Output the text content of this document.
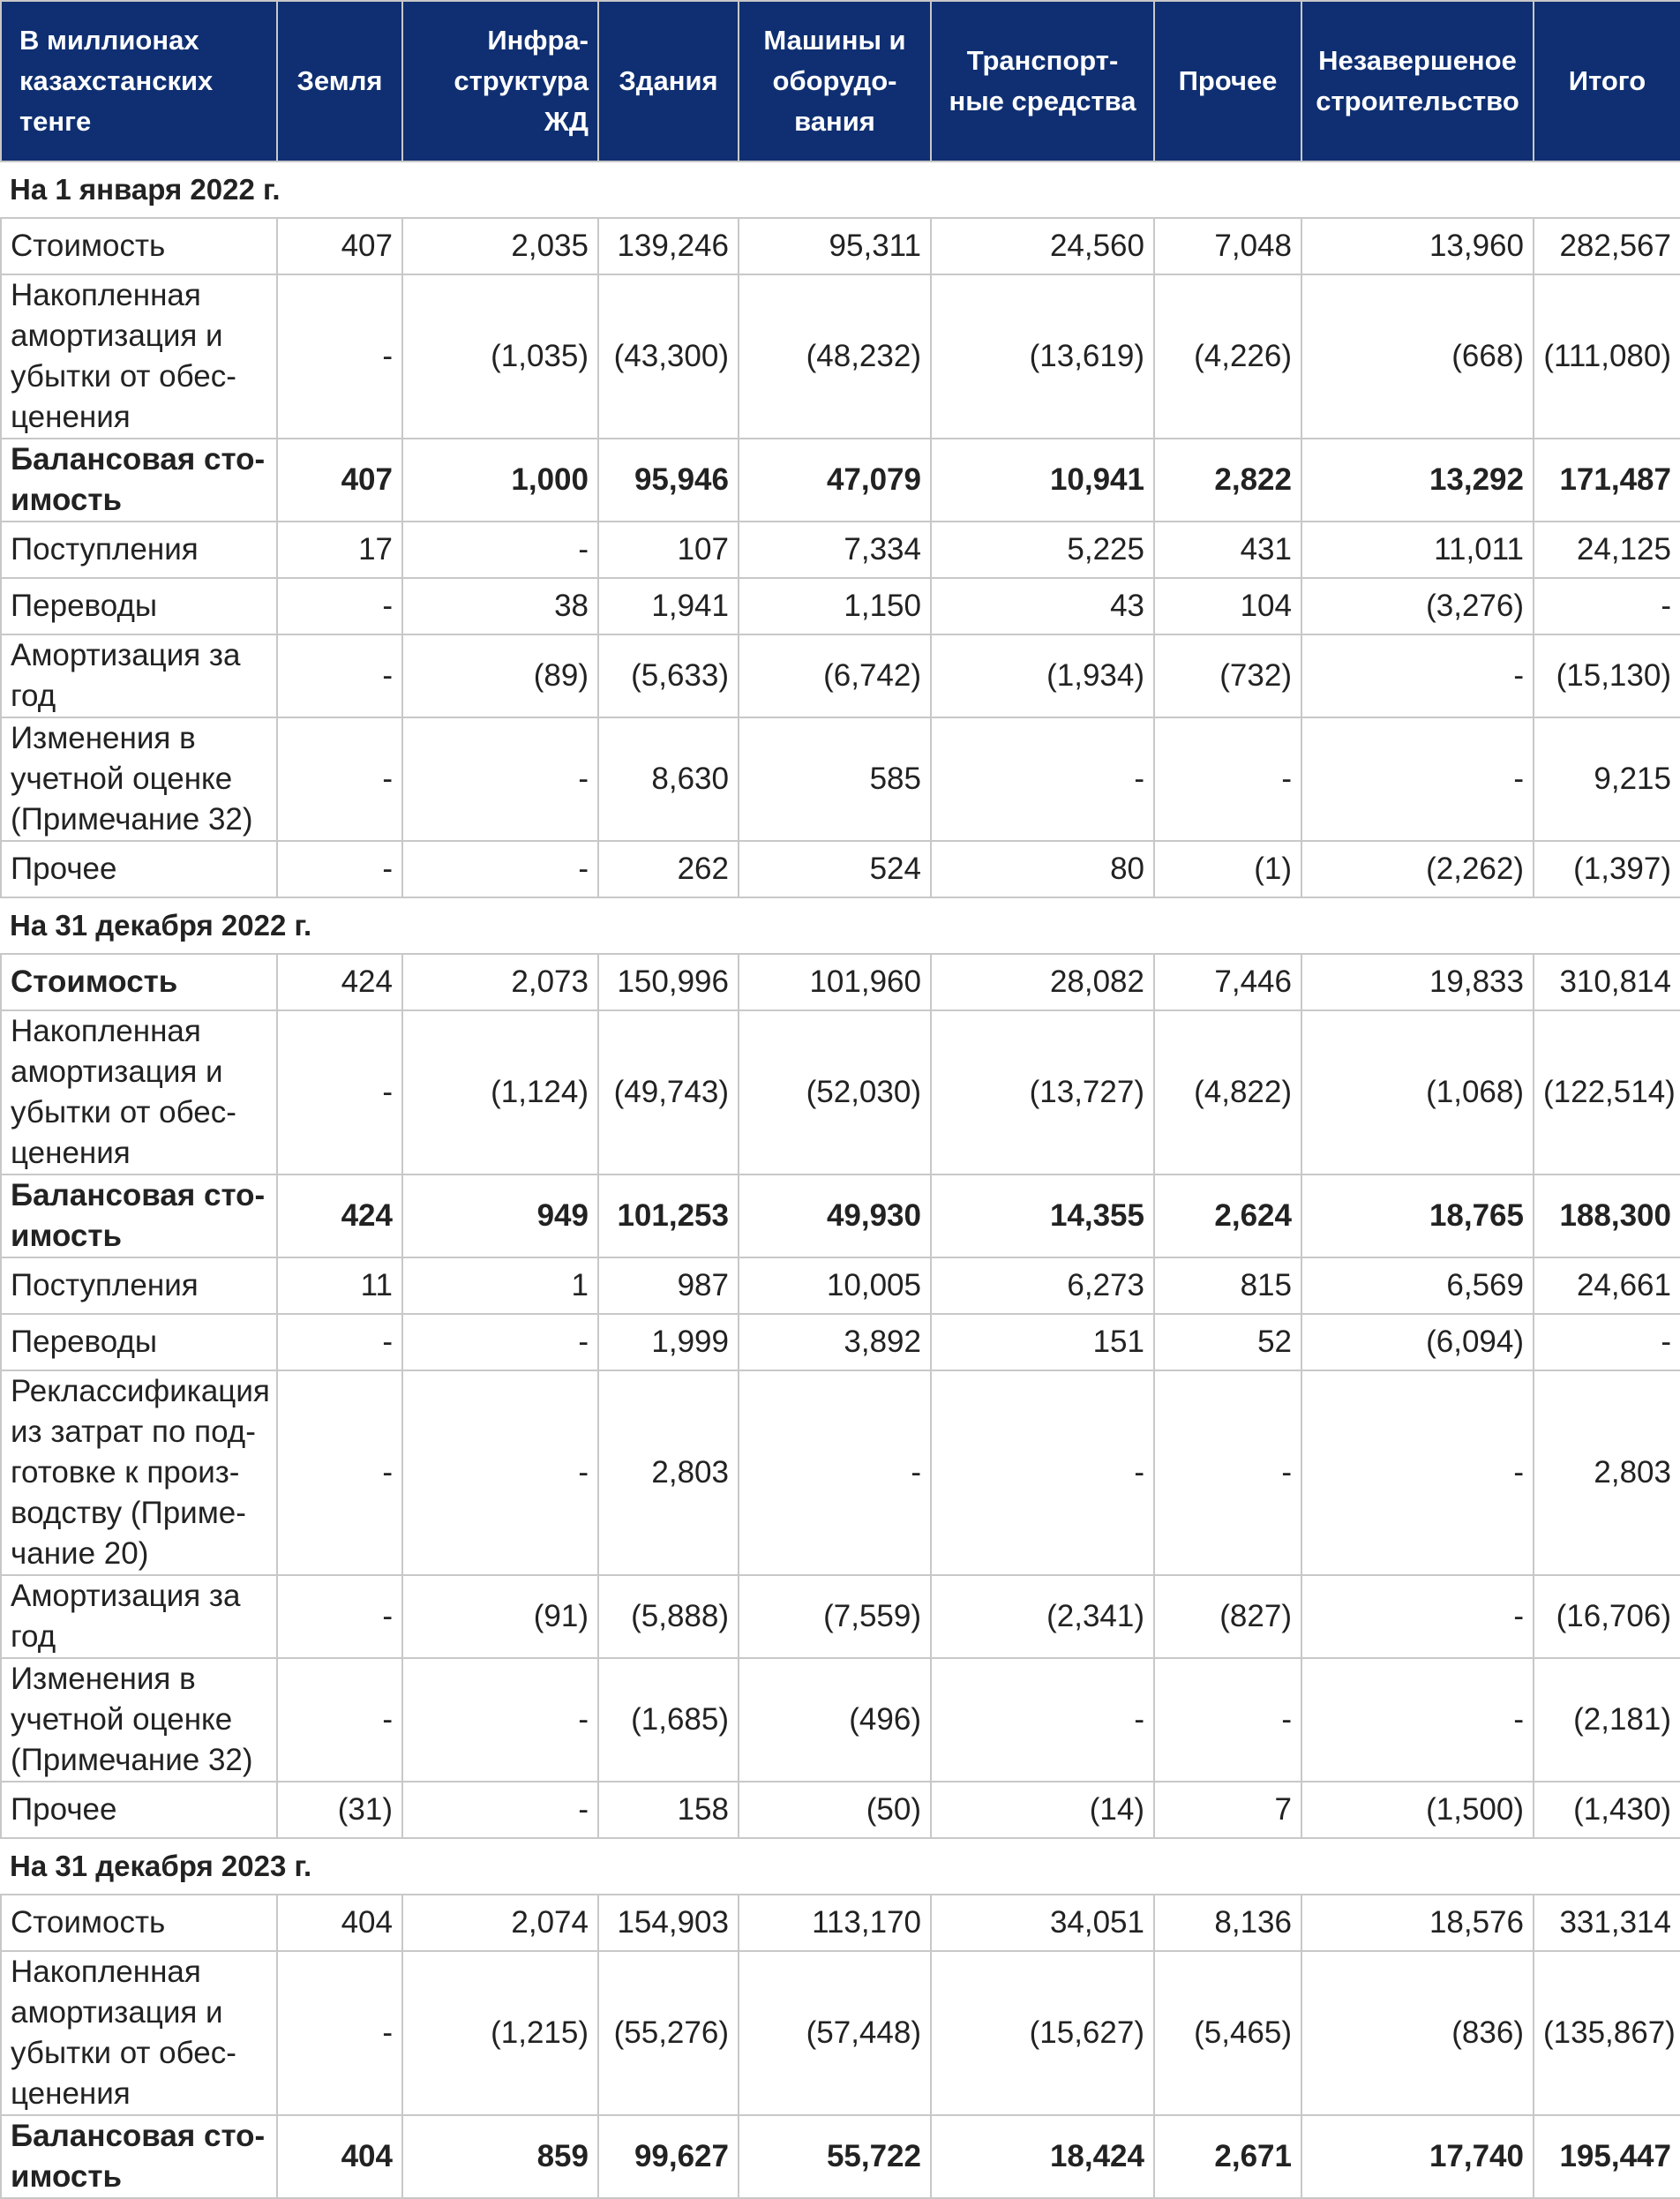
В миллионах казахстанских тенге	Земля	Инфра-структура ЖД	Здания	Машины и оборудо-вания	Транспорт-ные средства	Прочее	Незавершеное строительство	Итого
На 1 января 2022 г.								
Стоимость	407	2,035	139,246	95,311	24,560	7,048	13,960	282,567
Накопленная амортизация и убытки от обес-ценения	-	(1,035)	(43,300)	(48,232)	(13,619)	(4,226)	(668)	(111,080)
Балансовая сто-имость	407	1,000	95,946	47,079	10,941	2,822	13,292	171,487
Поступления	17	-	107	7,334	5,225	431	11,011	24,125
Переводы	-	38	1,941	1,150	43	104	(3,276)	-
Амортизация за год	-	(89)	(5,633)	(6,742)	(1,934)	(732)	-	(15,130)
Изменения в учетной оценке (Примечание 32)	-	-	8,630	585	-	-	-	9,215
Прочее	-	-	262	524	80	(1)	(2,262)	(1,397)
На 31 декабря 2022 г.								
Стоимость	424	2,073	150,996	101,960	28,082	7,446	19,833	310,814
Накопленная амортизация и убытки от обес-ценения	-	(1,124)	(49,743)	(52,030)	(13,727)	(4,822)	(1,068)	(122,514)
Балансовая сто-имость	424	949	101,253	49,930	14,355	2,624	18,765	188,300
Поступления	11	1	987	10,005	6,273	815	6,569	24,661
Переводы	-	-	1,999	3,892	151	52	(6,094)	-
Реклассификация из затрат по под-готовке к произ-водству (Приме-чание 20)	-	-	2,803	-	-	-	-	2,803
Амортизация за год	-	(91)	(5,888)	(7,559)	(2,341)	(827)	-	(16,706)
Изменения в учетной оценке (Примечание 32)	-	-	(1,685)	(496)	-	-	-	(2,181)
Прочее	(31)	-	158	(50)	(14)	7	(1,500)	(1,430)
На 31 декабря 2023 г.								
Стоимость	404	2,074	154,903	113,170	34,051	8,136	18,576	331,314
Накопленная амортизация и убытки от обес-ценения	-	(1,215)	(55,276)	(57,448)	(15,627)	(5,465)	(836)	(135,867)
Балансовая сто-имость	404	859	99,627	55,722	18,424	2,671	17,740	195,447
